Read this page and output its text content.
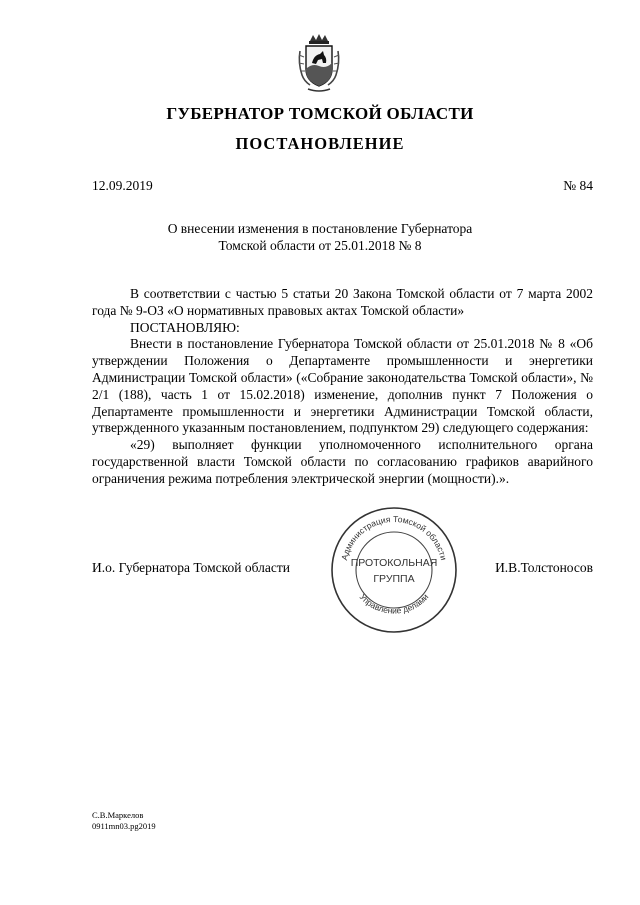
ГУБЕРНАТОР ТОМСКОЙ ОБЛАСТИ
ПОСТАНОВЛЕНИЕ
12.09.2019	№ 84
О внесении изменения в постановление Губернатора
Томской области от 25.01.2018 № 8

В соответствии с частью 5 статьи 20 Закона Томской области от 7 марта 2002 года № 9-ОЗ «О нормативных правовых актах Томской области»

ПОСТАНОВЛЯЮ:

Внести в постановление Губернатора Томской области от 25.01.2018 № 8 «Об утверждении Положения о Департаменте промышленности и энергетики Администрации Томской области» («Собрание законодательства Томской области», № 2/1 (188), часть 1 от 15.02.2018) изменение, дополнив пункт 7 Положения о Департаменте промышленности и энергетики Администрации Томской области, утвержденного указанным постановлением, подпунктом 29) следующего содержания:

«29) выполняет функции уполномоченного исполнительного органа государственной власти Томской области по согласованию графиков аварийного ограничения режима потребления электрической энергии (мощности).».

И.о. Губернатора Томской области	И.В.Толстоносов
Администрация Томской области
Управление делами
ПРОТОКОЛЬНАЯ
ГРУППА
С.В.Маркелов
0911mn03.pg2019
